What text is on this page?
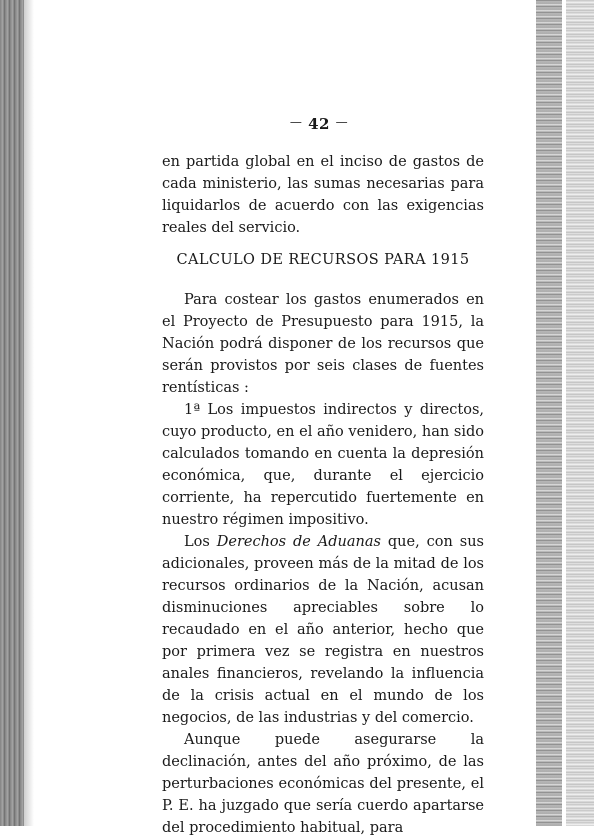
— 42 —

en partida global en el inciso de gastos de cada ministerio, las sumas necesarias para liquidarlos de acuerdo con las exigencias reales del servicio.

CALCULO DE RECURSOS PARA 1915

Para costear los gastos enumerados en el Proyecto de Presupuesto para 1915, la Nación podrá disponer de los recursos que serán provistos por seis clases de fuentes rentísticas :

1ª Los impuestos indirectos y directos, cuyo producto, en el año venidero, han sido calculados tomando en cuenta la depresión económica, que, durante el ejercicio corriente, ha repercutido fuertemente en nuestro régimen impositivo.

Los Derechos de Aduanas que, con sus adicionales, proveen más de la mitad de los recursos ordinarios de la Nación, acusan disminuciones apreciables sobre lo recaudado en el año anterior, hecho que por primera vez se registra en nuestros anales financieros, revelando la influencia de la crisis actual en el mundo de los negocios, de las industrias y del comercio.

Aunque puede asegurarse la declinación, antes del año próximo, de las perturbaciones económicas del presente, el P. E. ha juzgado que sería cuerdo apartarse del procedimiento habitual, para
